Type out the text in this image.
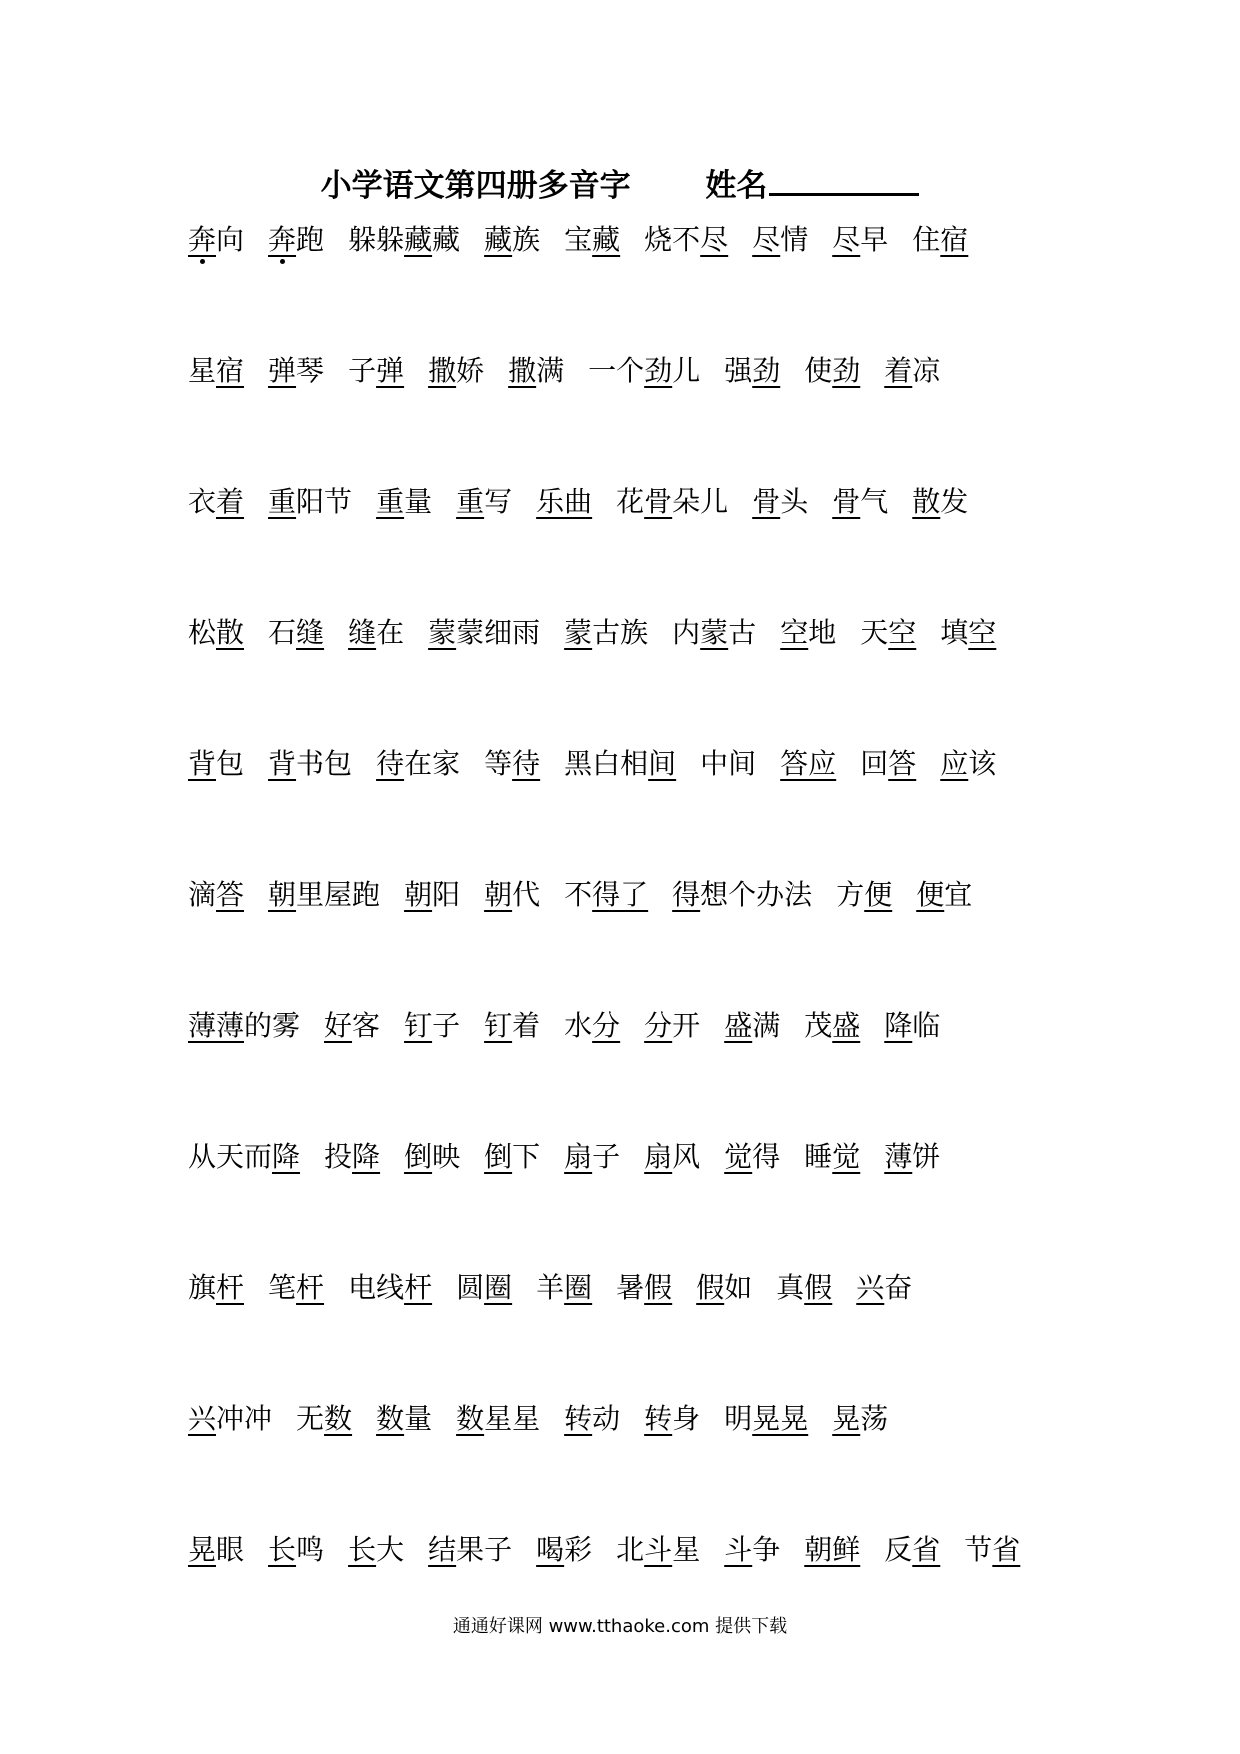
小学语文第四册多音字 姓名
奔向 奔跑 躲躲藏藏 藏族 宝藏烧不尽 尽情 尽早 住宿
星宿 弹琴 子弹 撒娇 撒满 一个劲儿 强劲 使劲 着凉
衣着 重阳节 重量 重写 乐曲 花骨朵儿 骨头 骨气散发
松散 石缝缝在 蒙蒙细雨 蒙古族 内蒙古 空地 天空 填空
背包 背书包 待在家 等待黑白相间中间答应 回答应该
滴答 朝里屋跑 朝阳 朝代 不得了得想个办法 方便 便宜
薄薄的雾 好客 钉子 钉着 水分 分开 盛满 茂盛降临
从天而降投降倒映倒下 扇子 扇风 觉得 睡觉薄饼
旗杆笔杆电线杆 圆圈 羊圈 暑假 假如 真假兴奋
兴冲冲 无数 数量 数星星 转动 转身 明晃晃晃荡
晃眼 长鸣 长大 结果子 喝彩 北斗星 斗争 朝鲜反省 节省
通通好课网 www.tthaoke.com 提供下载
